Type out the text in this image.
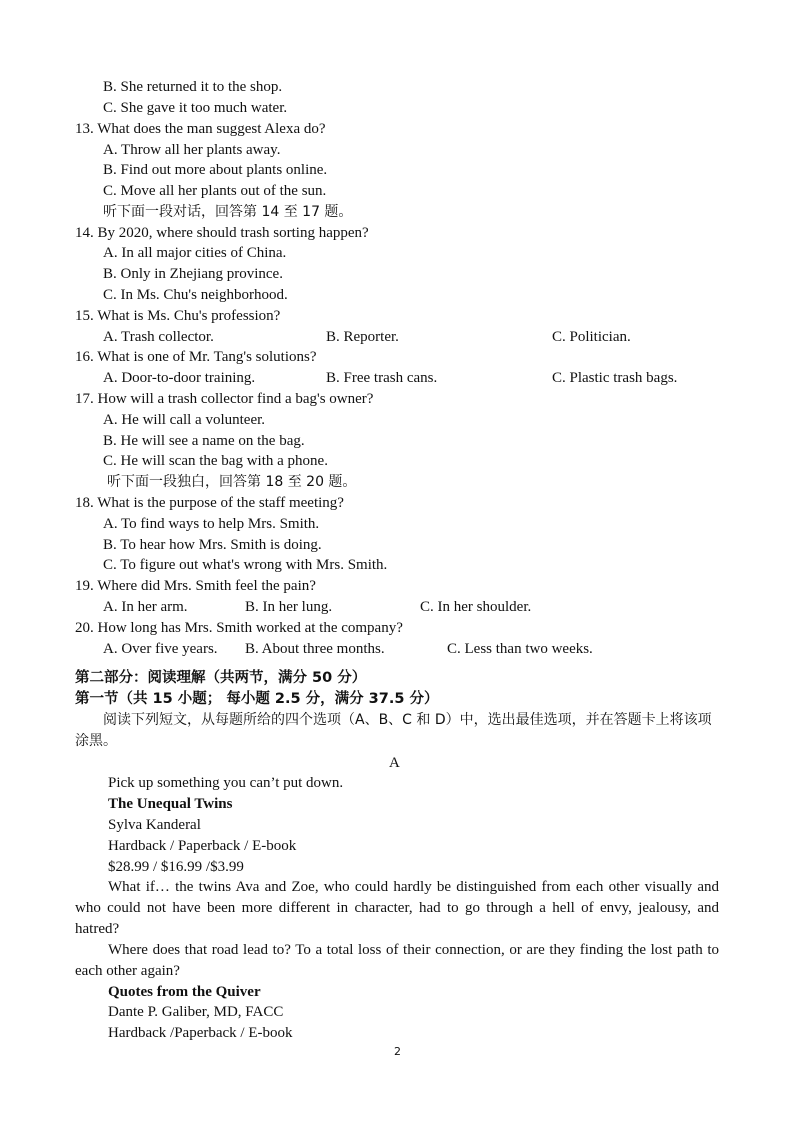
B. She returned it to the shop.
C. She gave it too much water.
13. What does the man suggest Alexa do?
A. Throw all her plants away.
B. Find out more about plants online.
C. Move all her plants out of the sun.
听下面一段对话，回答第 14 至 17 题。
14. By 2020, where should trash sorting happen?
A. In all major cities of China.
B. Only in Zhejiang province.
C. In Ms. Chu's neighborhood.
15. What is Ms. Chu's profession?
A. Trash collector.	B. Reporter.	C. Politician.
16. What is one of Mr. Tang's solutions?
A. Door-to-door training.	B. Free trash cans.	C. Plastic trash bags.
17. How will a trash collector find a bag's owner?
A. He will call a volunteer.
B. He will see a name on the bag.
C. He will scan the bag with a phone.
听下面一段独白，回答第 18 至 20 题。
18. What is the purpose of the staff meeting?
A. To find ways to help Mrs. Smith.
B. To hear how Mrs. Smith is doing.
C. To figure out what's wrong with Mrs. Smith.
19. Where did Mrs. Smith feel the pain?
A. In her arm.	B. In her lung.	C. In her shoulder.
20. How long has Mrs. Smith worked at the company?
A. Over five years. B. About three months.	C. Less than two weeks.
第二部分：阅读理解（共两节，满分 50 分）
第一节（共 15 小题； 每小题 2.5 分，满分 37.5 分）
阅读下列短文，从每题所给的四个选项（A、B、C 和 D）中，选出最佳选项，并在答题卡上将该项涂黑。
A
Pick up something you can’t put down.
The Unequal Twins
Sylva Kanderal
Hardback / Paperback / E-book
$28.99 / $16.99 /$3.99
What if… the twins Ava and Zoe, who could hardly be distinguished from each other visually and who could not have been more different in character, had to go through a hell of envy, jealousy, and hatred?
Where does that road lead to? To a total loss of their connection, or are they finding the lost path to each other again?
Quotes from the Quiver
Dante P. Galiber, MD, FACC
Hardback /Paperback / E-book
2
